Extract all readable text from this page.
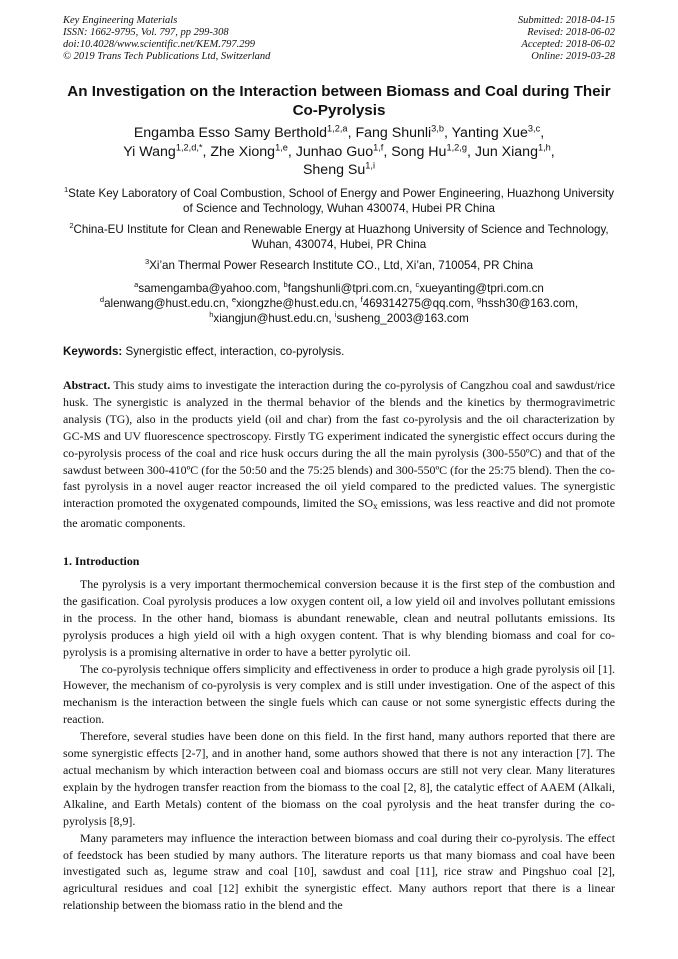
Key Engineering Materials
ISSN: 1662-9795, Vol. 797, pp 299-308
doi:10.4028/www.scientific.net/KEM.797.299
© 2019 Trans Tech Publications Ltd, Switzerland
Submitted: 2018-04-15
Revised: 2018-06-02
Accepted: 2018-06-02
Online: 2019-03-28
An Investigation on the Interaction between Biomass and Coal during Their Co-Pyrolysis
Engamba Esso Samy Berthold$^{1,2,a}$, Fang Shunli$^{3,b}$, Yanting Xue$^{3,c}$,
Yi Wang$^{1,2,d,*}$, Zhe Xiong$^{1,e}$, Junhao Guo$^{1,f}$, Song Hu$^{1,2,g}$, Jun Xiang$^{1,h}$,
Sheng Su$^{1,i}$
$^1$State Key Laboratory of Coal Combustion, School of Energy and Power Engineering, Huazhong University of Science and Technology, Wuhan 430074, Hubei PR China
$^2$China-EU Institute for Clean and Renewable Energy at Huazhong University of Science and Technology, Wuhan, 430074, Hubei, PR China
$^3$Xi’an Thermal Power Research Institute CO., Ltd, Xi’an, 710054, PR China
$^a$samengamba@yahoo.com, $^b$fangshunli@tpri.com.cn, $^c$xueyanting@tpri.com.cn
$^d$alenwang@hust.edu.cn, $^e$xiongzhe@hust.edu.cn, $^f$469314275@qq.com, $^g$hssh30@163.com,
$^h$xiangjun@hust.edu.cn, $^i$susheng_2003@163.com
Keywords: Synergistic effect, interaction, co-pyrolysis.
Abstract. This study aims to investigate the interaction during the co-pyrolysis of Cangzhou coal and sawdust/rice husk. The synergistic is analyzed in the thermal behavior of the blends and the kinetics by thermogravimetric analysis (TG), also in the products yield (oil and char) from the fast co-pyrolysis and the oil characterization by GC-MS and UV fluorescence spectroscopy. Firstly TG experiment indicated the synergistic effect occurs during the co-pyrolysis process of the coal and rice husk occurs during the all the main pyrolysis (300-550ºC) and that of the sawdust between 300-410ºC (for the 50:50 and the 75:25 blends) and 300-550ºC (for the 25:75 blend). Then the co-fast pyrolysis in a novel auger reactor increased the oil yield compared to the predicted values. The synergistic interaction promoted the oxygenated compounds, limited the SOx emissions, was less reactive and did not promote the aromatic components.
1. Introduction

The pyrolysis is a very important thermochemical conversion because it is the first step of the combustion and the gasification. Coal pyrolysis produces a low oxygen content oil, a low yield oil and involves pollutant emissions in the process. In the other hand, biomass is abundant renewable, clean and neutral pollutants emissions. Its pyrolysis produces a high yield oil with a high oxygen content. That is why blending biomass and coal for co-pyrolysis is a promising alternative in order to have a better pyrolytic oil.

The co-pyrolysis technique offers simplicity and effectiveness in order to produce a high grade pyrolysis oil [1]. However, the mechanism of co-pyrolysis is very complex and is still under investigation. One of the aspect of this mechanism is the interaction between the single fuels which can cause or not some synergistic effects during the reaction.

Therefore, several studies have been done on this field. In the first hand, many authors reported that there are some synergistic effects [2-7], and in another hand, some authors showed that there is not any interaction [7]. The actual mechanism by which interaction between coal and biomass occurs are still not very clear. Many literatures explain by the hydrogen transfer reaction from the biomass to the coal [2, 8], the catalytic effect of AAEM (Alkali, Alkaline, and Earth Metals) content of the biomass on the coal pyrolysis and the heat transfer during the co-pyrolysis [8,9].

Many parameters may influence the interaction between biomass and coal during their co-pyrolysis. The effect of feedstock has been studied by many authors. The literature reports us that many biomass and coal have been investigated such as, legume straw and coal [10], sawdust and coal [11], rice straw and Pingshuo coal [2], agricultural residues and coal [12] exhibit the synergistic effect. Many authors report that there is a linear relationship between the biomass ratio in the blend and the
